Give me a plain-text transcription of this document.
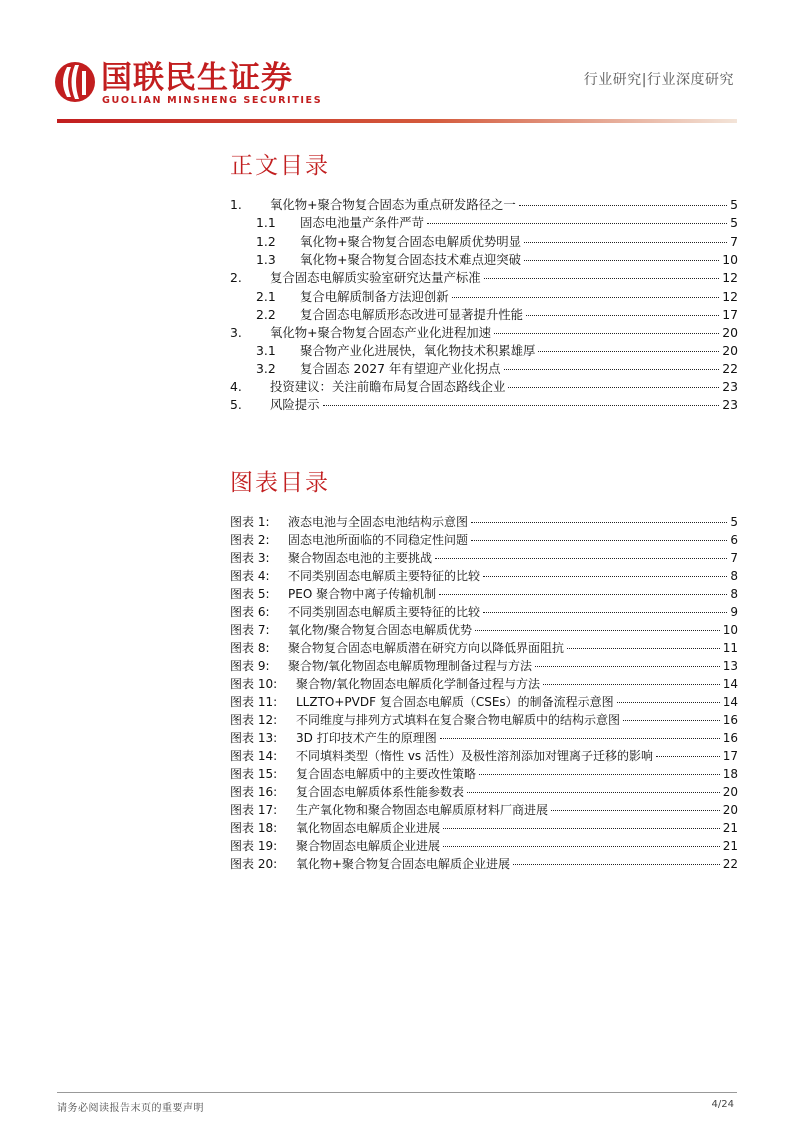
国联民生证券
GUOLIAN MINSHENG SECURITIES
行业研究|行业深度研究
正文目录
1.	氧化物+聚合物复合固态为重点研发路径之一	5
1.1	固态电池量产条件严苛	5
1.2	氧化物+聚合物复合固态电解质优势明显	7
1.3	氧化物+聚合物复合固态技术难点迎突破	10
2.	复合固态电解质实验室研究达量产标准	12
2.1	复合电解质制备方法迎创新	12
2.2	复合固态电解质形态改进可显著提升性能	17
3.	氧化物+聚合物复合固态产业化进程加速	20
3.1	聚合物产业化进展快，氧化物技术积累雄厚	20
3.2	复合固态 2027 年有望迎产业化拐点	22
4.	投资建议：关注前瞻布局复合固态路线企业	23
5.	风险提示	23
图表目录
图表 1:	液态电池与全固态电池结构示意图	5
图表 2:	固态电池所面临的不同稳定性问题	6
图表 3:	聚合物固态电池的主要挑战	7
图表 4:	不同类别固态电解质主要特征的比较	8
图表 5:	PEO 聚合物中离子传输机制	8
图表 6:	不同类别固态电解质主要特征的比较	9
图表 7:	氧化物/聚合物复合固态电解质优势	10
图表 8:	聚合物复合固态电解质潜在研究方向以降低界面阻抗	11
图表 9:	聚合物/氧化物固态电解质物理制备过程与方法	13
图表 10:	聚合物/氧化物固态电解质化学制备过程与方法	14
图表 11:	LLZTO+PVDF 复合固态电解质（CSEs）的制备流程示意图	14
图表 12:	不同维度与排列方式填料在复合聚合物电解质中的结构示意图	16
图表 13:	3D 打印技术产生的原理图	16
图表 14:	不同填料类型（惰性 vs 活性）及极性溶剂添加对锂离子迁移的影响	17
图表 15:	复合固态电解质中的主要改性策略	18
图表 16:	复合固态电解质体系性能参数表	20
图表 17:	生产氧化物和聚合物固态电解质原材料厂商进展	20
图表 18:	氧化物固态电解质企业进展	21
图表 19:	聚合物固态电解质企业进展	21
图表 20:	氧化物+聚合物复合固态电解质企业进展	22
请务必阅读报告末页的重要声明	4/24
